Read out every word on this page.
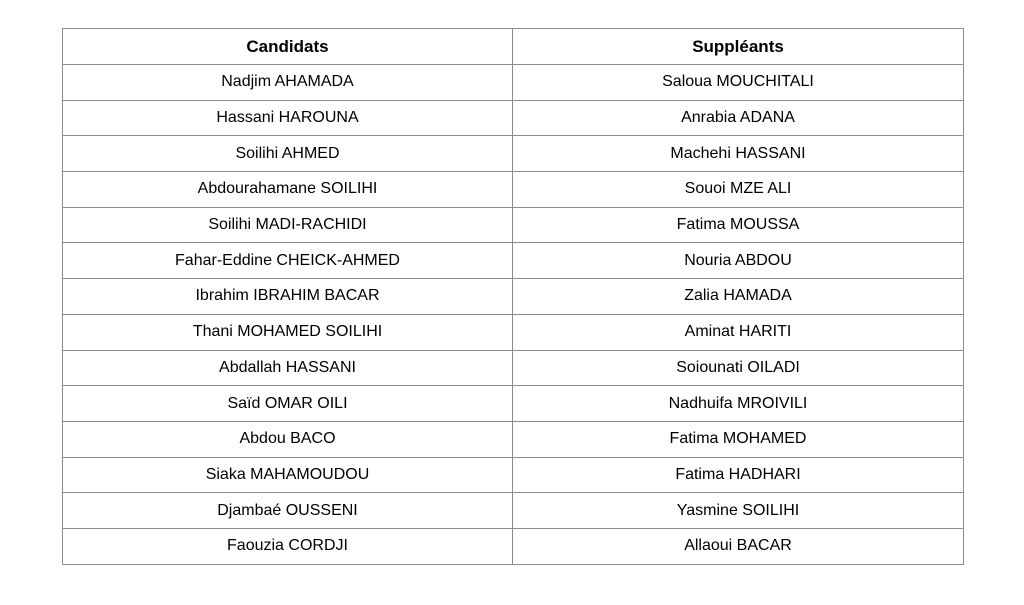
Candidats	Suppléants
Nadjim AHAMADA	Saloua MOUCHITALI
Hassani HAROUNA	Anrabia ADANA
Soilihi AHMED	Machehi HASSANI
Abdourahamane SOILIHI	Souoi MZE ALI
Soilihi MADI-RACHIDI	Fatima MOUSSA
Fahar-Eddine CHEICK-AHMED	Nouria ABDOU
Ibrahim IBRAHIM BACAR	Zalia HAMADA
Thani MOHAMED SOILIHI	Aminat HARITI
Abdallah HASSANI	Soiounati OILADI
Saïd OMAR OILI	Nadhuifa MROIVILI
Abdou BACO	Fatima MOHAMED
Siaka MAHAMOUDOU	Fatima HADHARI
Djambaé OUSSENI	Yasmine SOILIHI
Faouzia CORDJI	Allaoui BACAR
